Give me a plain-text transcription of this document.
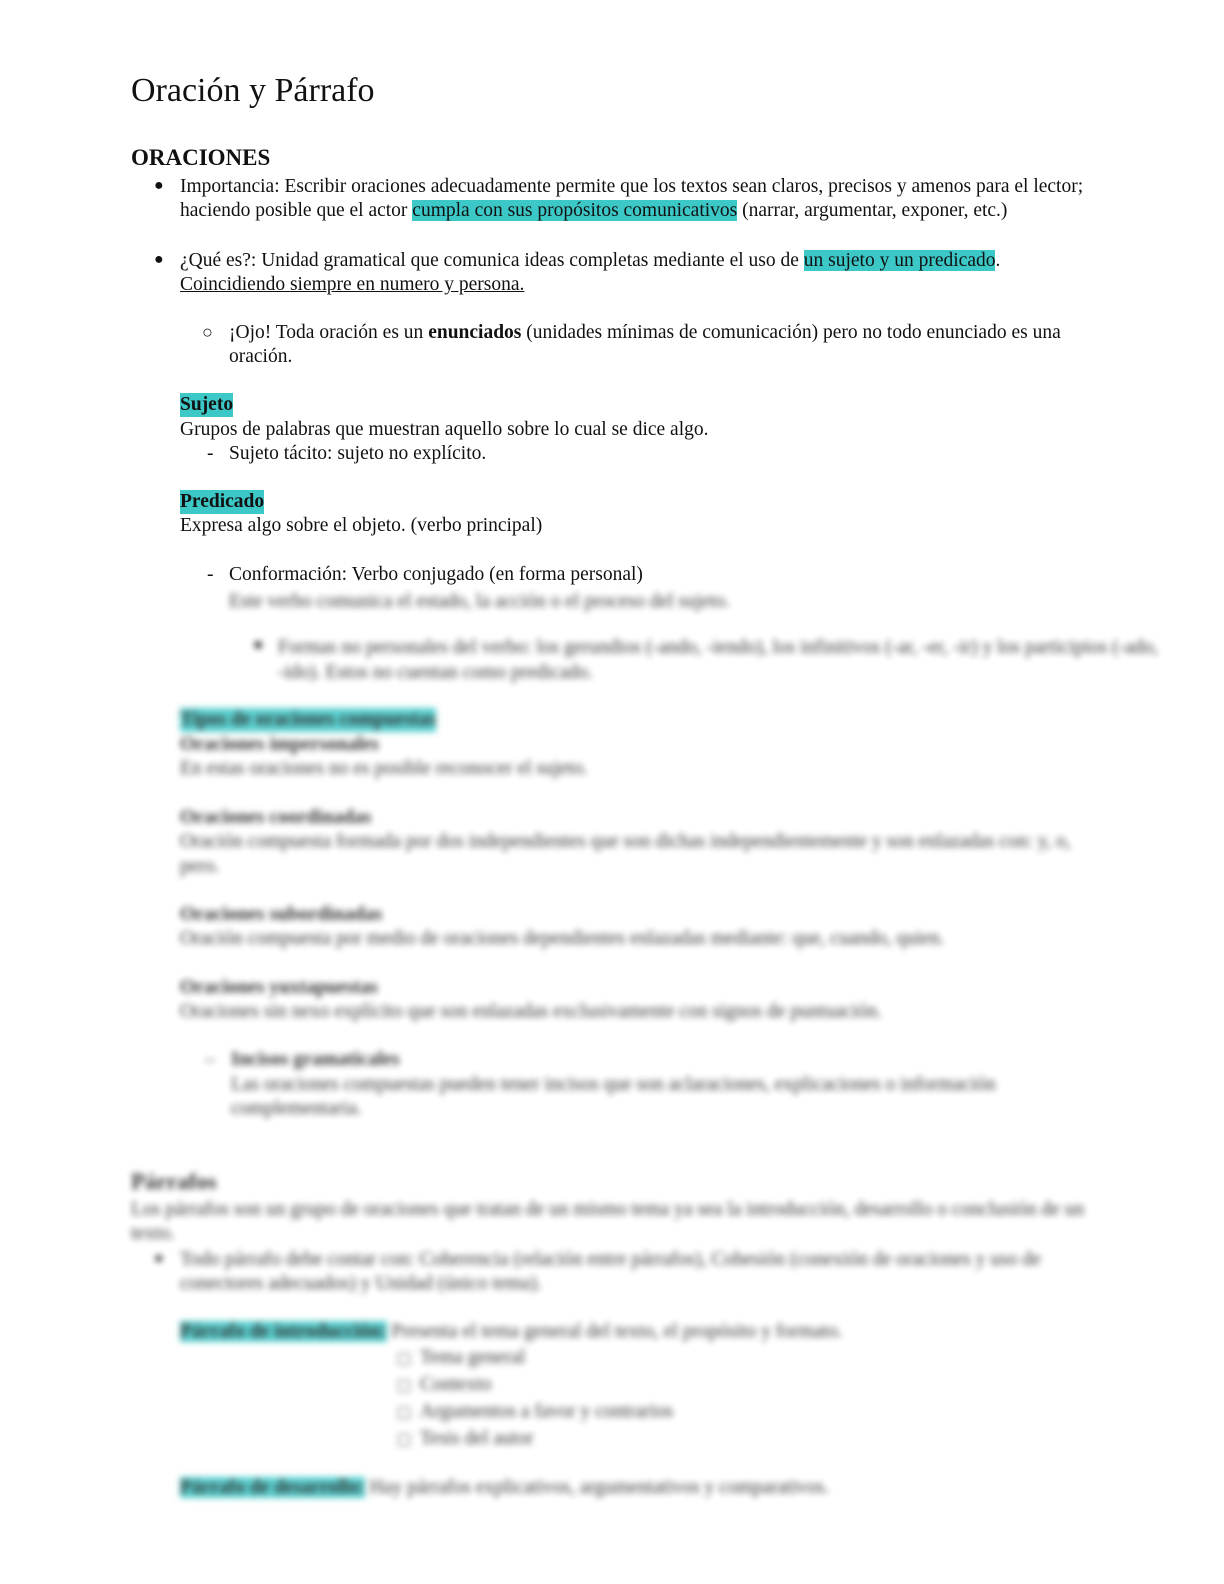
Oración y Párrafo
ORACIONES
● Importancia: Escribir oraciones adecuadamente permite que los textos sean claros, precisos y amenos para el lector;
haciendo posible que el actor cumpla con sus propósitos comunicativos (narrar, argumentar, exponer, etc.)
● ¿Qué es?: Unidad gramatical que comunica ideas completas mediante el uso de un sujeto y un predicado.
Coincidiendo siempre en numero y persona.
○ ¡Ojo! Toda oración es un enunciados (unidades mínimas de comunicación) pero no todo enunciado es una
oración.
Sujeto
Grupos de palabras que muestran aquello sobre lo cual se dice algo.
- Sujeto tácito: sujeto no explícito.
Predicado
Expresa algo sobre el objeto. (verbo principal)
- Conformación: Verbo conjugado (en forma personal)
Este verbo comunica el estado, la acción o el proceso del sujeto.
■ Formas no personales del verbo: los gerundios (-ando, -iendo), los infinitivos (-ar, -er, -ir) y los participios (-ado,
-ido). Estos no cuentan como predicado.
Tipos de oraciones compuestas
Oraciones impersonales
En estas oraciones no es posible reconocer el sujeto.
Oraciones coordinadas
Oración compuesta formada por dos independientes que son dichas independientemente y son enlazadas con: y, o,
pero.
Oraciones subordinadas
Oración compuesta por medio de oraciones dependientes enlazadas mediante: que, cuando, quien.
Oraciones yuxtapuestas
Oraciones sin nexo explícito que son enlazadas exclusivamente con signos de puntuación.
– Incisos gramaticales
Las oraciones compuestas pueden tener incisos que son aclaraciones, explicaciones o información
complementaria.
Párrafos
Los párrafos son un grupo de oraciones que tratan de un mismo tema ya sea la introducción, desarrollo o conclusión de un
texto.
● Todo párrafo debe contar con: Coherencia (relación entre párrafos), Cohesión (conexión de oraciones y uso de
conectores adecuados) y Unidad (único tema).
Párrafo de introducción: Presenta el tema general del texto, el propósito y formato.
Tema general
Contexto
Argumentos a favor y contrarios
Tesis del autor
Párrafo de desarrollo: Hay párrafos explicativos, argumentativos y comparativos.
